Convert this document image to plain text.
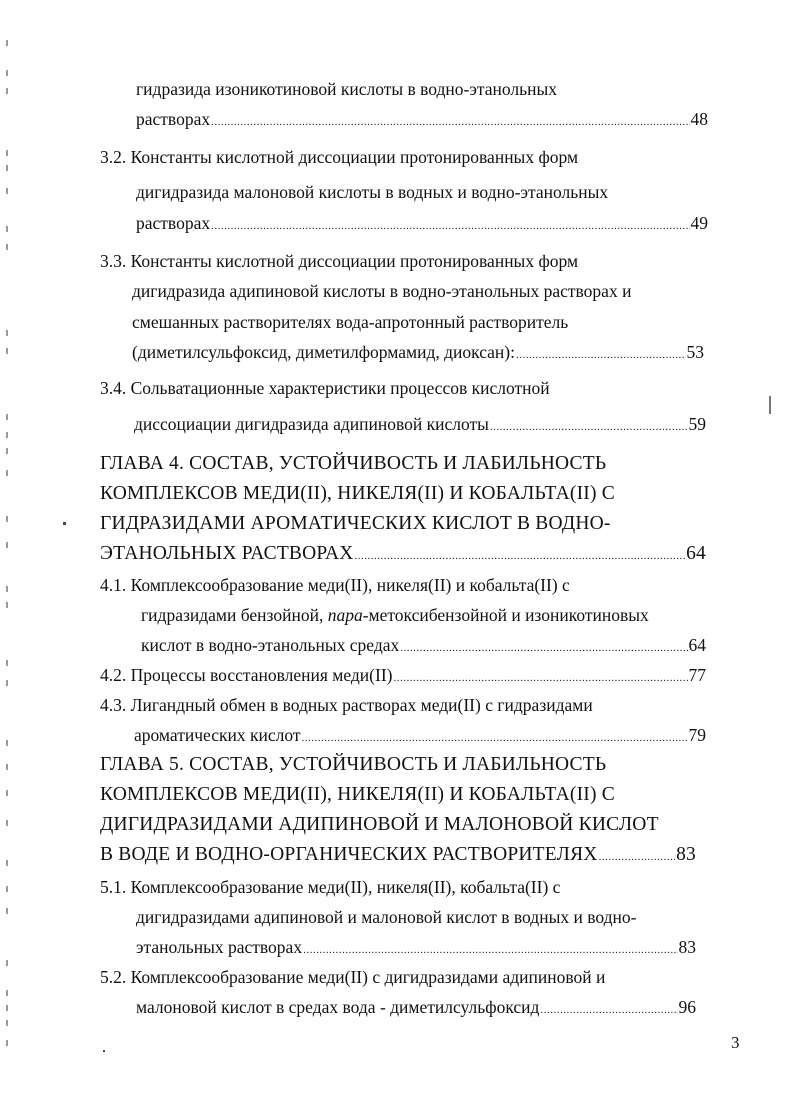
гидразида изоникотиновой кислоты в водно-этанольных
растворах .....	48
3.2. Константы кислотной диссоциации протонированных форм
дигидразида малоновой кислоты в водных и водно-этанольных
растворах .....	49
3.3. Константы кислотной диссоциации протонированных форм
дигидразида адипиновой кислоты в водно-этанольных растворах и
смешанных растворителях вода-апротонный растворитель
(диметилсульфоксид, диметилформамид, диоксан): .....	53
3.4. Сольватационные характеристики процессов кислотной
диссоциации дигидразида адипиновой кислоты .....	59
ГЛАВА 4. СОСТАВ, УСТОЙЧИВОСТЬ И ЛАБИЛЬНОСТЬ
КОМПЛЕКСОВ МЕДИ(II), НИКЕЛЯ(II) И КОБАЛЬТА(II) С
ГИДРАЗИДАМИ АРОМАТИЧЕСКИХ КИСЛОТ В ВОДНО-
ЭТАНОЛЬНЫХ РАСТВОРАХ .....	64
4.1. Комплексообразование меди(II), никеля(II) и кобальта(II) с
гидразидами бензойной, пара-метоксибензойной и изоникотиновых
кислот в водно-этанольных средах .....	64
4.2. Процессы восстановления меди(II) .....	77
4.3. Лигандный обмен в водных растворах меди(II) с гидразидами
ароматических кислот .....	79
ГЛАВА 5. СОСТАВ, УСТОЙЧИВОСТЬ И ЛАБИЛЬНОСТЬ
КОМПЛЕКСОВ МЕДИ(II), НИКЕЛЯ(II) И КОБАЛЬТА(II) С
ДИГИДРАЗИДАМИ АДИПИНОВОЙ И МАЛОНОВОЙ КИСЛОТ
В ВОДЕ И ВОДНО-ОРГАНИЧЕСКИХ РАСТВОРИТЕЛЯХ .....	83
5.1. Комплексообразование меди(II), никеля(II), кобальта(II) с
дигидразидами адипиновой и малоновой кислот в водных и водно-
этанольных растворах .....	83
5.2. Комплексообразование меди(II) с дигидразидами адипиновой и
малоновой кислот в средах вода - диметилсульфоксид .....	96
3
